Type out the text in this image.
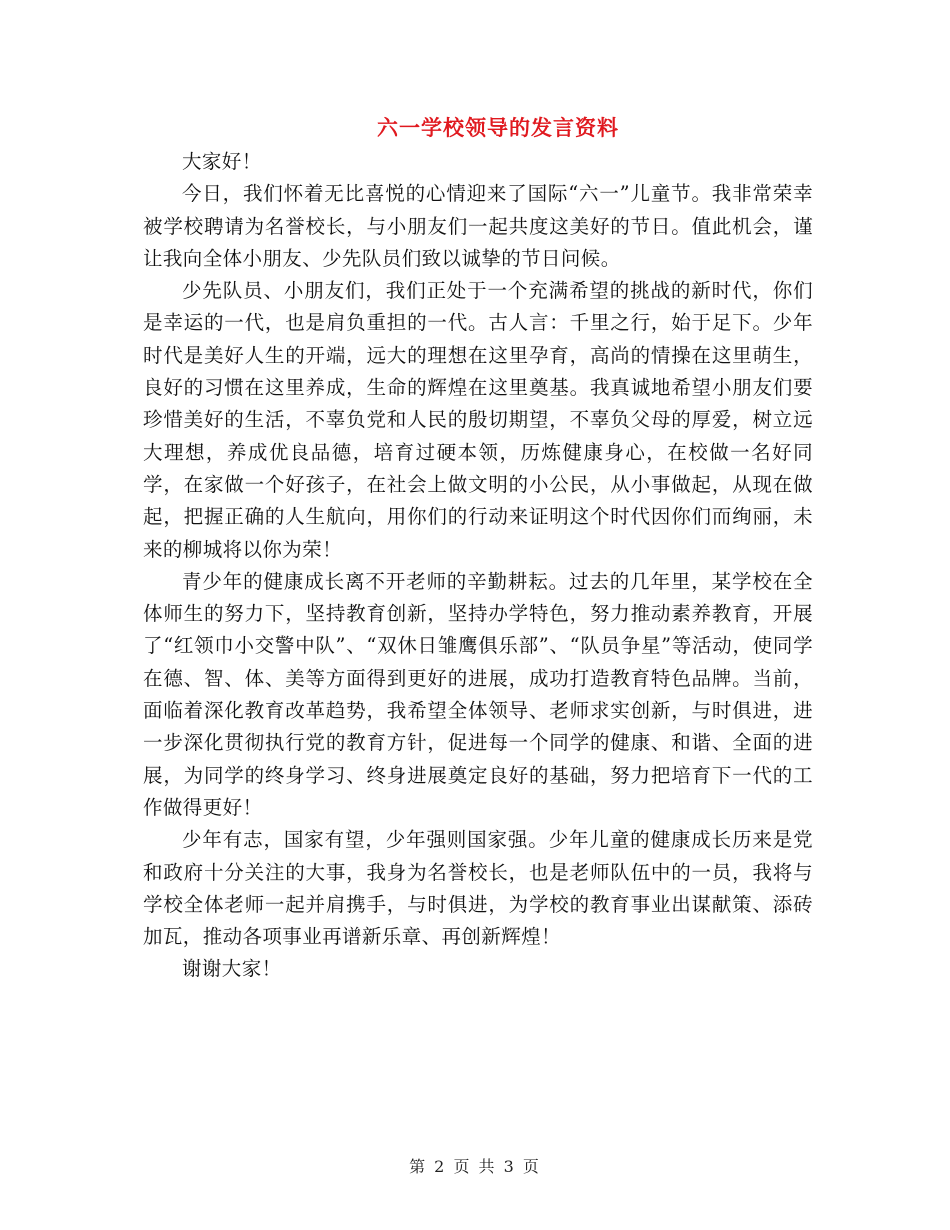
六一学校领导的发言资料

大家好！

今日，我们怀着无比喜悦的心情迎来了国际“六一”儿童节。我非常荣幸被学校聘请为名誉校长，与小朋友们一起共度这美好的节日。值此机会，谨让我向全体小朋友、少先队员们致以诚挚的节日问候。

少先队员、小朋友们，我们正处于一个充满希望的挑战的新时代，你们是幸运的一代，也是肩负重担的一代。古人言：千里之行，始于足下。少年时代是美好人生的开端，远大的理想在这里孕育，高尚的情操在这里萌生，良好的习惯在这里养成，生命的辉煌在这里奠基。我真诚地希望小朋友们要珍惜美好的生活，不辜负党和人民的殷切期望，不辜负父母的厚爱，树立远大理想，养成优良品德，培育过硬本领，历炼健康身心，在校做一名好同学，在家做一个好孩子，在社会上做文明的小公民，从小事做起，从现在做起，把握正确的人生航向，用你们的行动来证明这个时代因你们而绚丽，未来的柳城将以你为荣！

青少年的健康成长离不开老师的辛勤耕耘。过去的几年里，某学校在全体师生的努力下，坚持教育创新，坚持办学特色，努力推动素养教育，开展了“红领巾小交警中队”、“双休日雏鹰俱乐部”、“队员争星”等活动，使同学在德、智、体、美等方面得到更好的进展，成功打造教育特色品牌。当前，面临着深化教育改革趋势，我希望全体领导、老师求实创新，与时俱进，进一步深化贯彻执行党的教育方针，促进每一个同学的健康、和谐、全面的进展，为同学的终身学习、终身进展奠定良好的基础，努力把培育下一代的工作做得更好！

少年有志，国家有望，少年强则国家强。少年儿童的健康成长历来是党和政府十分关注的大事，我身为名誉校长，也是老师队伍中的一员，我将与学校全体老师一起并肩携手，与时俱进，为学校的教育事业出谋献策、添砖加瓦，推动各项事业再谱新乐章、再创新辉煌！

谢谢大家！

第 2 页 共 3 页
